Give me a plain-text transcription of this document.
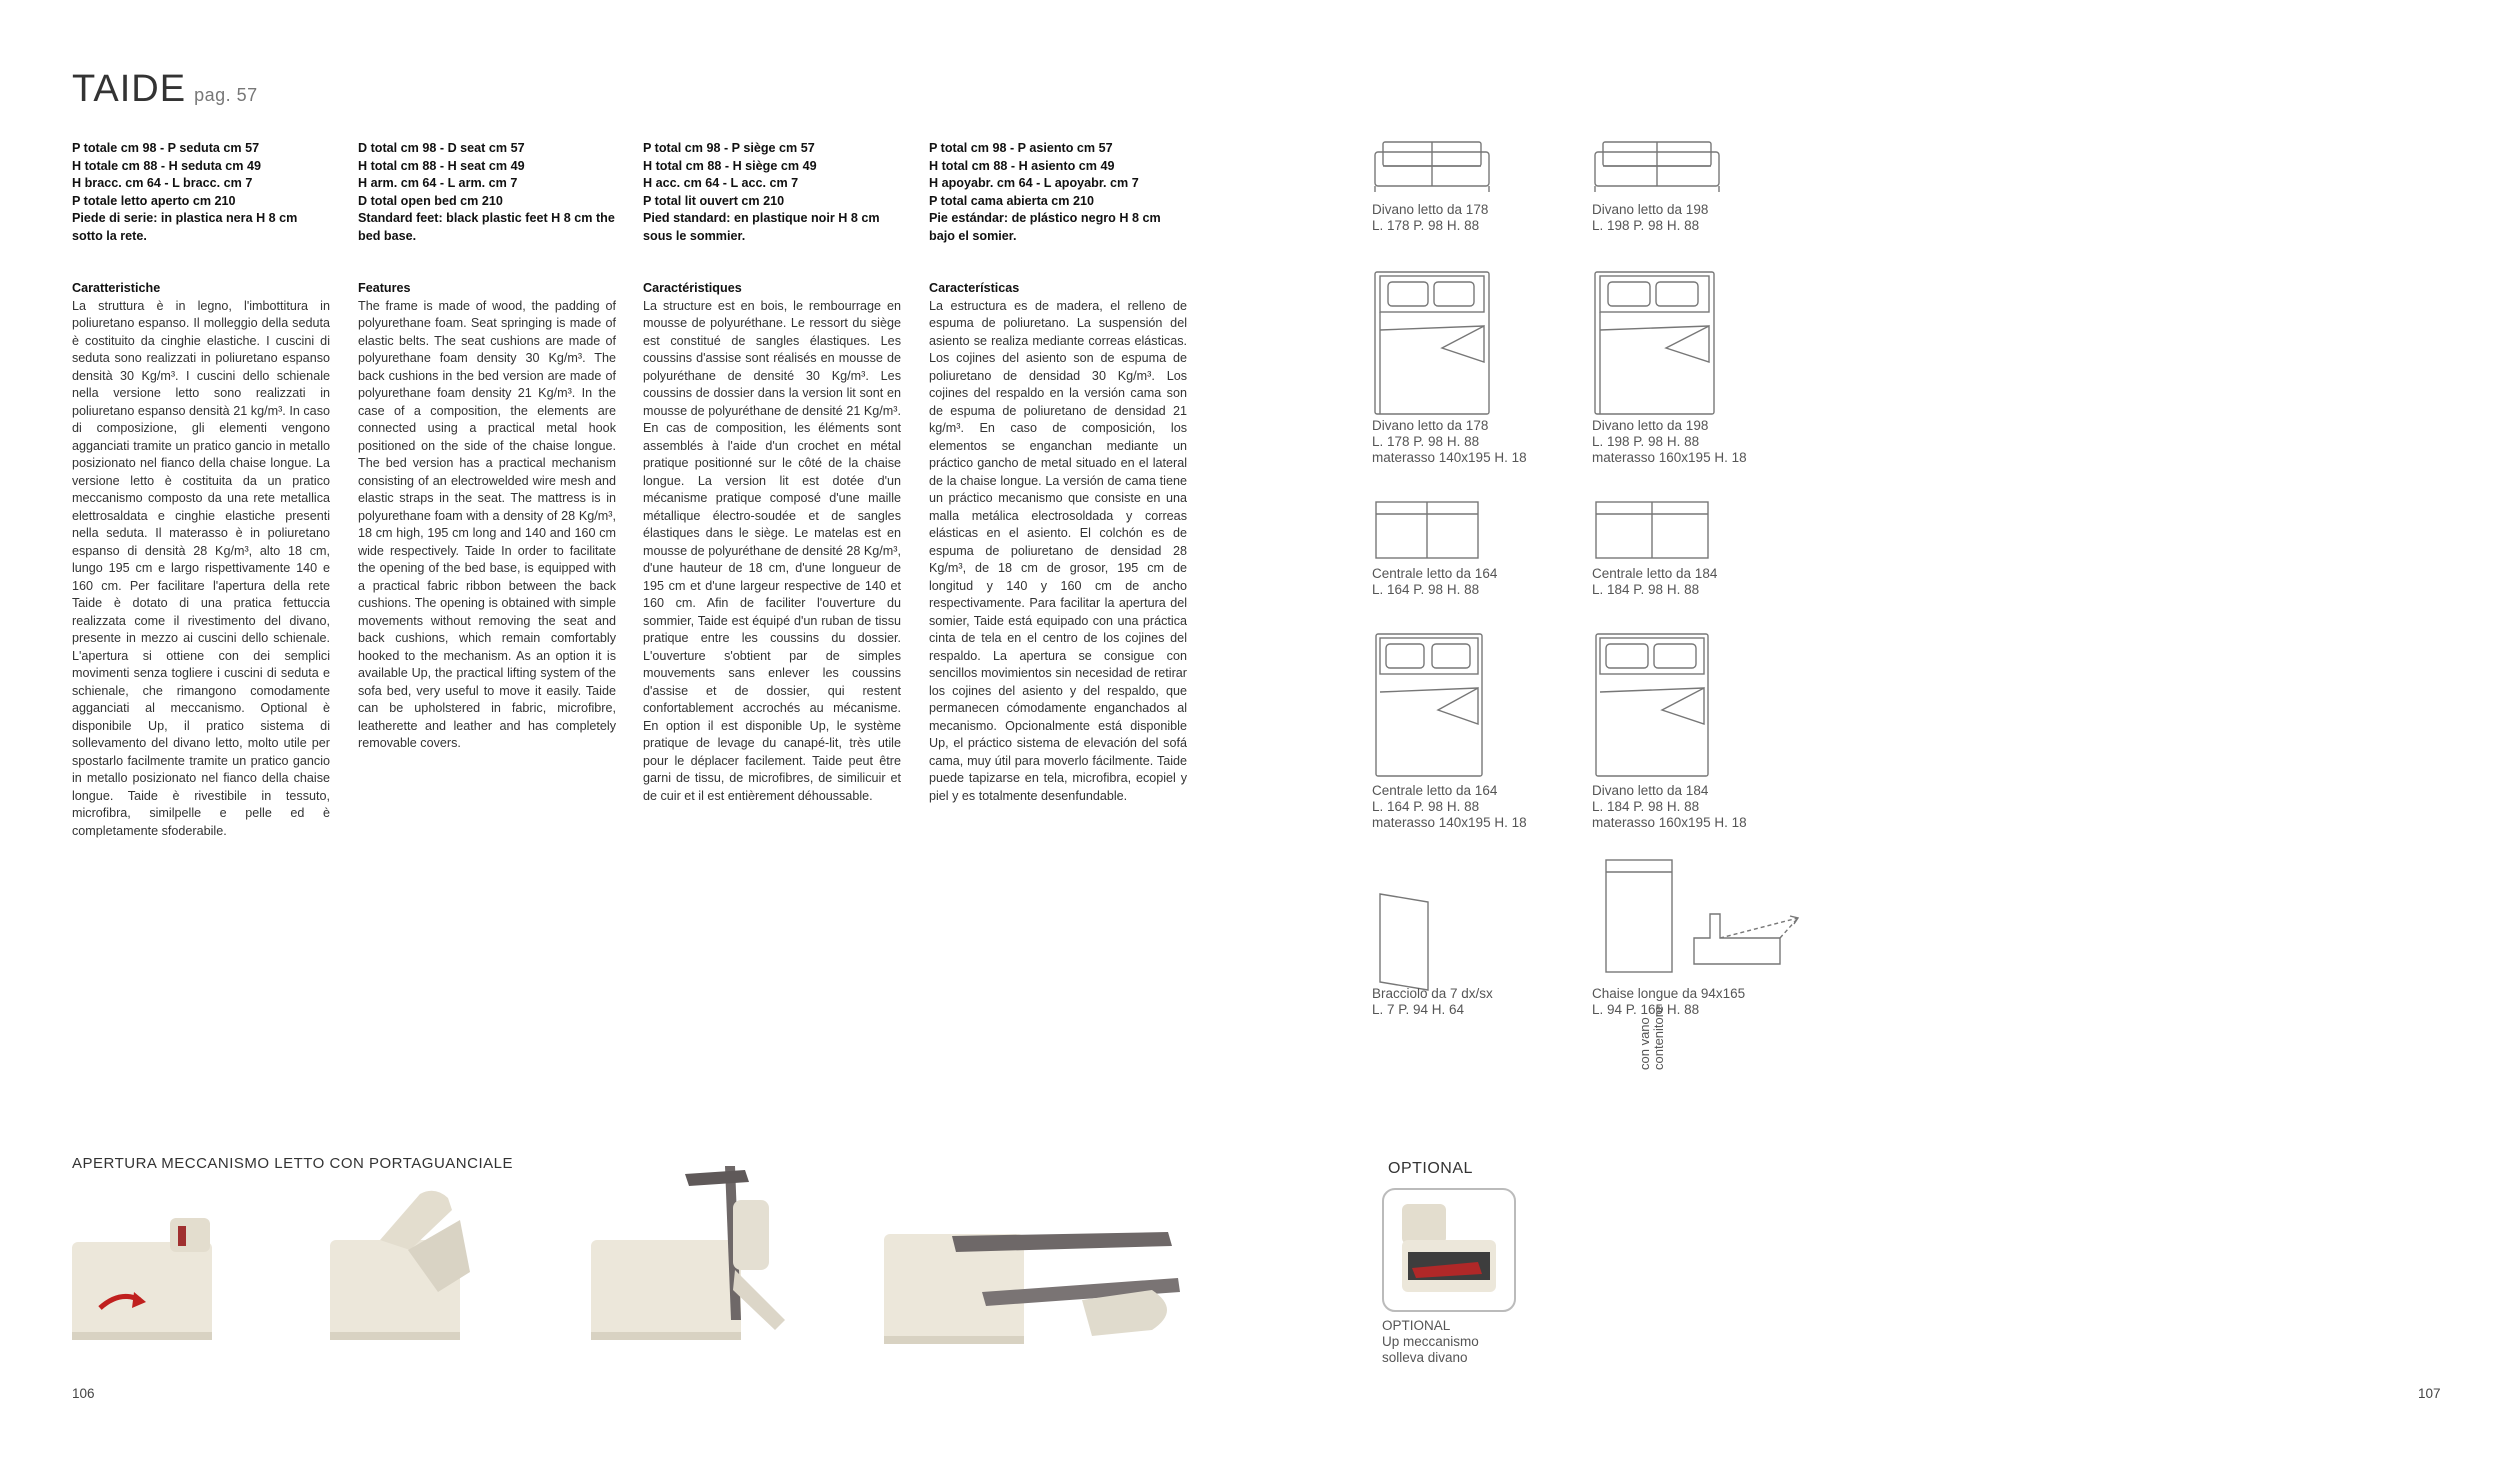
TAIDE pag. 57
P totale cm 98 - P seduta cm 57
H totale cm 88 - H seduta cm 49
H bracc. cm 64 - L bracc. cm 7
P totale letto aperto cm 210
Piede di serie: in plastica nera H 8 cm sotto la rete.
Caratteristiche
La struttura è in legno, l'imbottitura in poliuretano espanso. Il molleggio della seduta è costituito da cinghie elastiche. I cuscini di seduta sono realizzati in poliuretano espanso densità 30 Kg/m³. I cuscini dello schienale nella versione letto sono realizzati in poliuretano espanso densità 21 kg/m³. In caso di composizione, gli elementi vengono agganciati tramite un pratico gancio in metallo posizionato nel fianco della chaise longue. La versione letto è costituita da un pratico meccanismo composto da una rete metallica elettrosaldata e cinghie elastiche presenti nella seduta. Il materasso è in poliuretano espanso di densità 28 Kg/m³, alto 18 cm, lungo 195 cm e largo rispettivamente 140 e 160 cm. Per facilitare l'apertura della rete Taide è dotato di una pratica fettuccia realizzata come il rivestimento del divano, presente in mezzo ai cuscini dello schienale. L'apertura si ottiene con dei semplici movimenti senza togliere i cuscini di seduta e schienale, che rimangono comodamente agganciati al meccanismo. Optional è disponibile Up, il pratico sistema di sollevamento del divano letto, molto utile per spostarlo facilmente tramite un pratico gancio in metallo posizionato nel fianco della chaise longue. Taide è rivestibile in tessuto, microfibra, similpelle e pelle ed è completamente sfoderabile.
D total cm 98 - D seat cm 57
H total cm 88 - H seat cm 49
H arm. cm 64 - L arm. cm 7
D total open bed cm 210
Standard feet: black plastic feet H 8 cm the bed base.
Features
The frame is made of wood, the padding of polyurethane foam. Seat springing is made of elastic belts. The seat cushions are made of polyurethane foam density 30 Kg/m³. The back cushions in the bed version are made of polyurethane foam density 21 Kg/m³. In the case of a composition, the elements are connected using a practical metal hook positioned on the side of the chaise longue. The bed version has a practical mechanism consisting of an electrowelded wire mesh and elastic straps in the seat. The mattress is in polyurethane foam with a density of 28 Kg/m³, 18 cm high, 195 cm long and 140 and 160 cm wide respectively. Taide In order to facilitate the opening of the bed base, is equipped with a practical fabric ribbon between the back cushions. The opening is obtained with simple movements without removing the seat and back cushions, which remain comfortably hooked to the mechanism. As an option it is available Up, the practical lifting system of the sofa bed, very useful to move it easily. Taide can be upholstered in fabric, microfibre, leatherette and leather and has completely removable covers.
P total cm 98 - P siège cm 57
H total cm 88 - H siège cm 49
H acc. cm 64 - L acc. cm 7
P total lit ouvert cm 210
Pied standard: en plastique noir H 8 cm sous le sommier.
Caractéristiques
La structure est en bois, le rembourrage en mousse de polyuréthane. Le ressort du siège est constitué de sangles élastiques. Les coussins d'assise sont réalisés en mousse de polyuréthane de densité 30 Kg/m³. Les coussins de dossier dans la version lit sont en mousse de polyuréthane de densité 21 Kg/m³. En cas de composition, les éléments sont assemblés à l'aide d'un crochet en métal pratique positionné sur le côté de la chaise longue. La version lit est dotée d'un mécanisme pratique composé d'une maille métallique électro-soudée et de sangles élastiques dans le siège. Le matelas est en mousse de polyuréthane de densité 28 Kg/m³, d'une hauteur de 18 cm, d'une longueur de 195 cm et d'une largeur respective de 140 et 160 cm. Afin de faciliter l'ouverture du sommier, Taide est équipé d'un ruban de tissu pratique entre les coussins du dossier. L'ouverture s'obtient par de simples mouvements sans enlever les coussins d'assise et de dossier, qui restent confortablement accrochés au mécanisme. En option il est disponible Up, le système pratique de levage du canapé-lit, très utile pour le déplacer facilement. Taide peut être garni de tissu, de microfibres, de similicuir et de cuir et il est entièrement déhoussable.
P total cm 98 - P asiento cm 57
H total cm 88 - H asiento cm 49
H apoyabr. cm 64 - L apoyabr. cm 7
P total cama abierta cm 210
Pie estándar: de plástico negro H 8 cm bajo el somier.
Características
La estructura es de madera, el relleno de espuma de poliuretano. La suspensión del asiento se realiza mediante correas elásticas. Los cojines del asiento son de espuma de poliuretano de densidad 30 Kg/m³. Los cojines del respaldo en la versión cama son de espuma de poliuretano de densidad 21 kg/m³. En caso de composición, los elementos se enganchan mediante un práctico gancho de metal situado en el lateral de la chaise longue. La versión de cama tiene un práctico mecanismo que consiste en una malla metálica electrosoldada y correas elásticas en el asiento. El colchón es de espuma de poliuretano de densidad 28 Kg/m³, de 18 cm de grosor, 195 cm de longitud y 140 y 160 cm de ancho respectivamente. Para facilitar la apertura del somier, Taide está equipado con una práctica cinta de tela en el centro de los cojines del respaldo. La apertura se consigue con sencillos movimientos sin necesidad de retirar los cojines del asiento y del respaldo, que permanecen cómodamente enganchados al mecanismo. Opcionalmente está disponible Up, el práctico sistema de elevación del sofá cama, muy útil para moverlo fácilmente. Taide puede tapizarse en tela, microfibra, ecopiel y piel y es totalmente desenfundable.
Divano letto da 178
L. 178 P. 98 H. 88
Divano letto da 198
L. 198 P. 98 H. 88
Divano letto da 178
L. 178 P. 98 H. 88
materasso 140x195 H. 18
Divano letto da 198
L. 198 P. 98 H. 88
materasso 160x195 H. 18
Centrale letto da 164
L. 164 P. 98 H. 88
Centrale letto da 184
L. 184 P. 98 H. 88
Centrale letto da 164
L. 164 P. 98 H. 88
materasso 140x195 H. 18
Divano letto da 184
L. 184 P. 98 H. 88
materasso 160x195 H. 18
Bracciolo da 7 dx/sx
L. 7 P. 94 H. 64
con vano contenitore
Chaise longue da 94x165
L. 94 P. 165 H. 88
APERTURA MECCANISMO LETTO CON PORTAGUANCIALE	OPTIONAL
OPTIONAL
Up meccanismo
solleva divano
106	107
